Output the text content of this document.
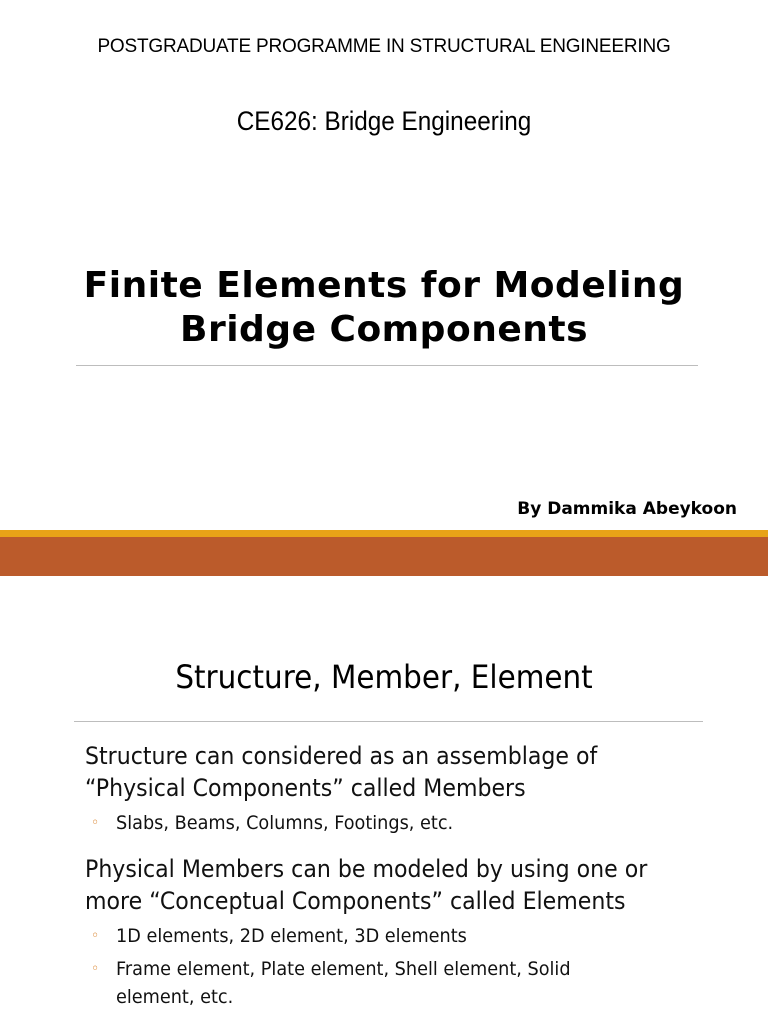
POSTGRADUATE PROGRAMME IN STRUCTURAL ENGINEERING
CE626: Bridge Engineering
Finite Elements for Modeling
Bridge Components
By Dammika Abeykoon
Structure, Member, Element
Structure can considered as an assemblage of
“Physical Components” called Members
◦ Slabs, Beams, Columns, Footings, etc.
Physical Members can be modeled by using one or
more “Conceptual Components” called Elements
◦ 1D elements, 2D element, 3D elements
◦ Frame element, Plate element, Shell element, Solid
element, etc.
